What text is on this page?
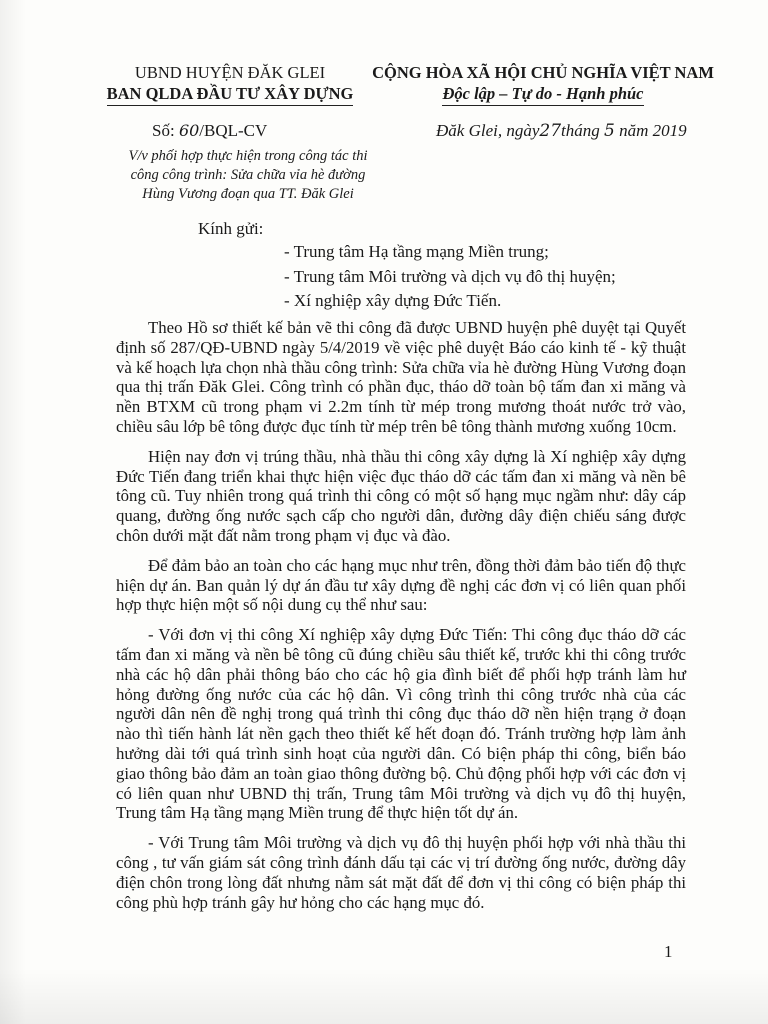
UBND HUYỆN ĐĂK GLEI
BAN QLDA ĐẦU TƯ XÂY DỰNG
CỘNG HÒA XÃ HỘI CHỦ NGHĨA VIỆT NAM
Độc lập – Tự do - Hạnh phúc
Số: 60/BQL-CV	Đăk Glei, ngày27tháng 5 năm 2019
V/v phối hợp thực hiện trong công tác thi công công trình: Sửa chữa vỉa hè đường Hùng Vương đoạn qua TT. Đăk Glei
Kính gửi:
- Trung tâm Hạ tầng mạng Miền trung;
- Trung tâm Môi trường và dịch vụ đô thị huyện;
- Xí nghiệp xây dựng Đức Tiến.

Theo Hồ sơ thiết kế bản vẽ thi công đã được UBND huyện phê duyệt tại Quyết định số 287/QĐ-UBND ngày 5/4/2019 về việc phê duyệt Báo cáo kinh tế - kỹ thuật và kế hoạch lựa chọn nhà thầu công trình: Sửa chữa vỉa hè đường Hùng Vương đoạn qua thị trấn Đăk Glei. Công trình có phần đục, tháo dỡ toàn bộ tấm đan xi măng và nền BTXM cũ trong phạm vi 2.2m tính từ mép trong mương thoát nước trở vào, chiều sâu lớp bê tông được đục tính từ mép trên bê tông thành mương xuống 10cm.

Hiện nay đơn vị trúng thầu, nhà thầu thi công xây dựng là Xí nghiệp xây dựng Đức Tiến đang triển khai thực hiện việc đục tháo dỡ các tấm đan xi măng và nền bê tông cũ. Tuy nhiên trong quá trình thi công có một số hạng mục ngầm như: dây cáp quang, đường ống nước sạch cấp cho người dân, đường dây điện chiếu sáng được chôn dưới mặt đất nằm trong phạm vị đục và đào.

Để đảm bảo an toàn cho các hạng mục như trên, đồng thời đảm bảo tiến độ thực hiện dự án. Ban quản lý dự án đầu tư xây dựng đề nghị các đơn vị có liên quan phối hợp thực hiện một số nội dung cụ thể như sau:

- Với đơn vị thi công Xí nghiệp xây dựng Đức Tiến: Thi công đục tháo dỡ các tấm đan xi măng và nền bê tông cũ đúng chiều sâu thiết kế, trước khi thi công trước nhà các hộ dân phải thông báo cho các hộ gia đình biết để phối hợp tránh làm hư hỏng đường ống nước của các hộ dân. Vì công trình thi công trước nhà của các người dân nên đề nghị trong quá trình thi công đục tháo dỡ nền hiện trạng ở đoạn nào thì tiến hành lát nền gạch theo thiết kế hết đoạn đó. Tránh trường hợp làm ảnh hưởng dài tới quá trình sinh hoạt của người dân. Có biện pháp thi công, biển báo giao thông bảo đảm an toàn giao thông đường bộ. Chủ động phối hợp với các đơn vị có liên quan như UBND thị trấn, Trung tâm Môi trường và dịch vụ đô thị huyện, Trung tâm Hạ tầng mạng Miền trung để thực hiện tốt dự án.

- Với Trung tâm Môi trường và dịch vụ đô thị huyện phối hợp với nhà thầu thi công , tư vấn giám sát công trình đánh dấu tại các vị trí đường ống nước, đường dây điện chôn trong lòng đất nhưng nằm sát mặt đất để đơn vị thi công có biện pháp thi công phù hợp tránh gây hư hỏng cho các hạng mục đó.

1
